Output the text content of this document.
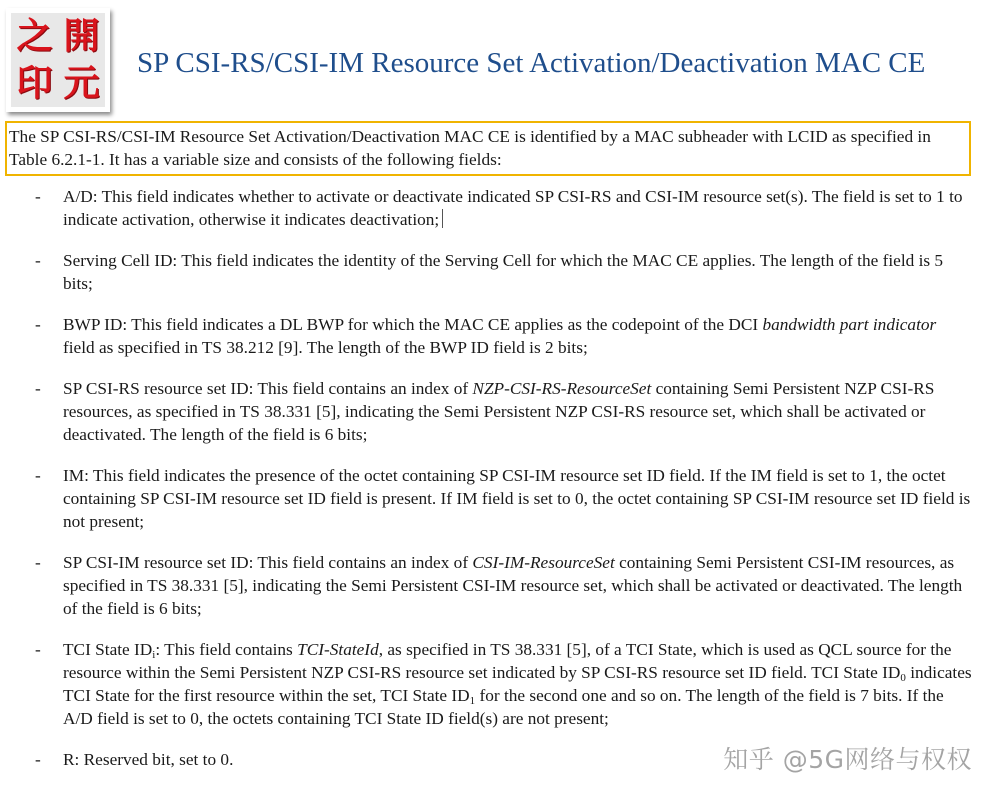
之 開
印 元 SP CSI-RS/CSI-IM Resource Set Activation/Deactivation MAC CE
The SP CSI-RS/CSI-IM Resource Set Activation/Deactivation MAC CE is identified by a MAC subheader with LCID as specified in Table 6.2.1-1. It has a variable size and consists of the following fields:
- A/D: This field indicates whether to activate or deactivate indicated SP CSI-RS and CSI-IM resource set(s). The field is set to 1 to indicate activation, otherwise it indicates deactivation;
- Serving Cell ID: This field indicates the identity of the Serving Cell for which the MAC CE applies. The length of the field is 5 bits;
- BWP ID: This field indicates a DL BWP for which the MAC CE applies as the codepoint of the DCI bandwidth part indicator field as specified in TS 38.212 [9]. The length of the BWP ID field is 2 bits;
- SP CSI-RS resource set ID: This field contains an index of NZP-CSI-RS-ResourceSet containing Semi Persistent NZP CSI-RS resources, as specified in TS 38.331 [5], indicating the Semi Persistent NZP CSI-RS resource set, which shall be activated or deactivated. The length of the field is 6 bits;
- IM: This field indicates the presence of the octet containing SP CSI-IM resource set ID field. If the IM field is set to 1, the octet containing SP CSI-IM resource set ID field is present. If IM field is set to 0, the octet containing SP CSI-IM resource set ID field is not present;
- SP CSI-IM resource set ID: This field contains an index of CSI-IM-ResourceSet containing Semi Persistent CSI-IM resources, as specified in TS 38.331 [5], indicating the Semi Persistent CSI-IM resource set, which shall be activated or deactivated. The length of the field is 6 bits;
- TCI State $ID_i$: This field contains TCI-StateId, as specified in TS 38.331 [5], of a TCI State, which is used as QCL source for the resource within the Semi Persistent NZP CSI-RS resource set indicated by SP CSI-RS resource set ID field. TCI State $ID_0$ indicates TCI State for the first resource within the set, TCI State $ID_1$ for the second one and so on. The length of the field is 7 bits. If the A/D field is set to 0, the octets containing TCI State ID field(s) are not present;
- R: Reserved bit, set to 0.	知乎 @5G网络与权权
